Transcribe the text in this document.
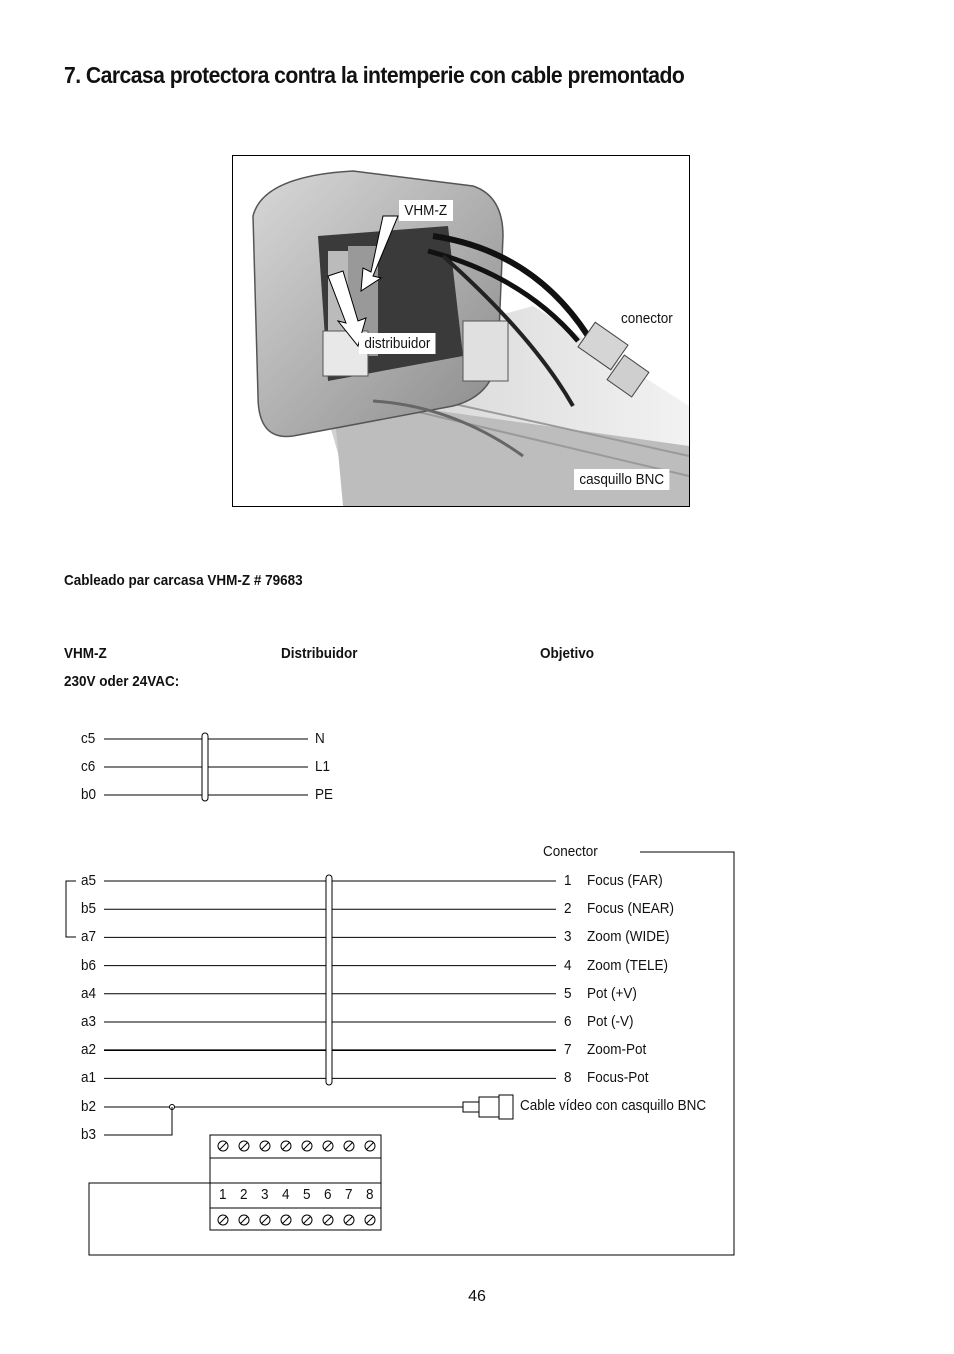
7. Carcasa protectora contra la intemperie con cable premontado
VHM-Z
distribuidor
conector
casquillo BNC
Cableado par carcasa VHM-Z # 79683
VHM-Z	Distribuidor	Objetivo
230V oder 24VAC:
c5	N
c6	L1
b0	PE
Conector
a5	1 Focus (FAR)
b5	2 Focus (NEAR)
a7	3 Zoom (WIDE)
b6	4 Zoom (TELE)
a4	5 Pot (+V)
a3	6 Pot (-V)
a2	7 Zoom-Pot
a1	8 Focus-Pot
b2
b3
Cable vídeo con casquillo BNC
1 2 3 4 5 6 7 8
46
